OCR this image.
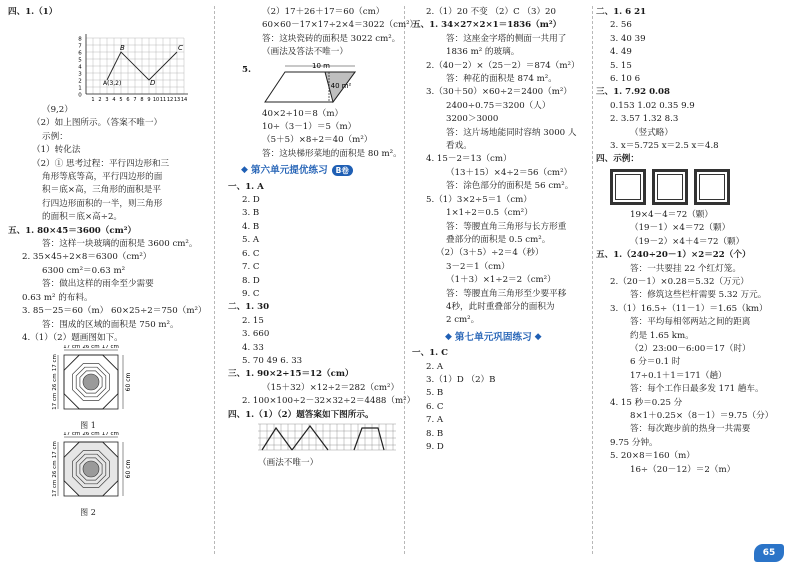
四、1.（1）
8
7
6
5
4
3
2
1
0
1 2 3 4 5 6 7 8 9 10 11 12 13 14
B	C
A(3,2)	D
（9,2）
（2）如上图所示。（答案不唯一）
示例：
（1）转化法
（2）① 思考过程：平行四边形和三
角形等底等高，平行四边形的面
积＝底×高，三角形的面积是平
行四边形面积的一半，则三角形
的面积＝底×高÷2。
五、1. 80×45＝3600（cm²）
答：这样一块玻璃的面积是 3600 cm²。
2. 35×45÷2×8＝6300（cm²）
6300 cm²＝0.63 m²
答：做出这样的雨伞至少需要
0.63 m² 的布料。
3. 85－25＝60（m） 60×25÷2＝750（m²）
答：围成的区域的面积是 750 m²。
4.（1）（2）题画图如下。
17 cm 26 cm 17 cm
17 cm
26 cm
17 cm
60 cm
图 1
17 cm 26 cm 17 cm
17 cm
26 cm
17 cm
60 cm
图 2
（2）17＋26＋17＝60（cm）
60×60－17×17÷2×4＝3022（cm²）
答：这块瓷砖的面积是 3022 cm²。
（画法及答法不唯一）
5.	10 m
40 m²
40×2÷10＝8（m）
10÷（3－1）＝5（m）
（5＋5）×8÷2＝40（m²）
答：这块梯形菜地的面积是 80 m²。
◆ 第六单元提优练习	B卷
一、1. A
2. D
3. B
4. B
5. A
6. C
7. C
8. D
9. C
二、1. 30
2. 15
3. 660
4. 33
5. 70 49 6. 33
三、1. 90×2÷15＝12（cm）
（15＋32）×12÷2＝282（cm²）
2. 100×100÷2－32×32÷2＝4488（m²）
四、1.（1）（2）题答案如下图所示。
（画法不唯一）
2.（1）20 不变 （2）C （3）20
五、1. 34×27×2×1＝1836（m²）
答：这座金字塔的侧面一共用了
1836 m² 的玻璃。
2.（40－2）×（25－2）＝874（m²）
答：种花的面积是 874 m²。
3.（30＋50）×60÷2＝2400（m²）
2400÷0.75＝3200（人）
3200＞3000
答：这片场地能同时容纳 3000 人
看戏。
4. 15－2＝13（cm）
（13＋15）×4÷2＝56（cm²）
答：涂色部分的面积是 56 cm²。
5.（1）3×2÷5＝1（cm）
1×1÷2＝0.5（cm²）
答：等腰直角三角形与长方形重
叠部分的面积是 0.5 cm²。
（2）（3＋5）÷2＝4（秒）
3－2＝1（cm）
（1＋3）×1÷2＝2（cm²）
答：等腰直角三角形至少要平移
4秒，此时重叠部分的面积为
2 cm²。
◆ 第七单元巩固练习 ◆
一、1. C
2. A
3.（1）D （2）B
5. B
6. C
7. A
8. B
9. D
二、1. 6 21
2. 56
3. 40 39
4. 49
5. 15
6. 10 6
三、1. 7.92 0.08
0.153 1.02 0.35 9.9
2. 3.57 1.32 8.3
（竖式略）
3. x＝5.725 x＝2.5 x＝4.8
四、示例：
19×4－4＝72（颗）
（19－1）×4＝72（颗）
（19－2）×4＋4＝72（颗）
五、1.（240÷20－1）×2＝22（个）
答：一共要挂 22 个红灯笼。
2.（20－1）×0.28＝5.32（万元）
答：修筑这些栏杆需要 5.32 万元。
3.（1）16.5÷（11－1）＝1.65（km）
答：平均每相邻两站之间的距离
约是 1.65 km。
（2）23:00－6:00＝17（时）
6 分＝0.1 时
17÷0.1＋1＝171（趟）
答：每个工作日最多发 171 趟车。
4. 15 秒＝0.25 分
8×1＋0.25×（8－1）＝9.75（分）
答：每次跑步前的热身一共需要
9.75 分钟。
5. 20×8＝160（m）
16÷（20－12）＝2（m）
65
